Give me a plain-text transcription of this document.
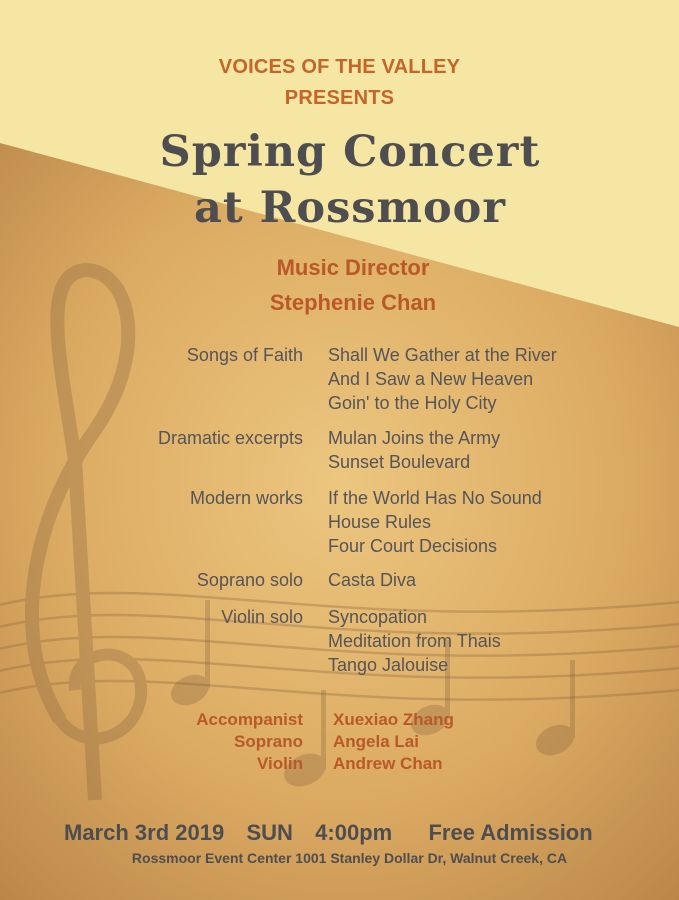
VOICES OF THE VALLEY
PRESENTS
Spring Concert
at Rossmoor
Music Director
Stephenie Chan
Songs of Faith Shall We Gather at the River
And I Saw a New Heaven
Goin' to the Holy City
Dramatic excerpts Mulan Joins the Army
Sunset Boulevard
Modern works If the World Has No Sound
House Rules
Four Court Decisions
Soprano solo Casta Diva
Violin solo Syncopation
Meditation from Thais
Tango Jalouise
Accompanist Xuexiao Zhang
Soprano Angela Lai
Violin Andrew Chan
March 3rd 2019 SUN 4:00pm Free Admission
Rossmoor Event Center 1001 Stanley Dollar Dr, Walnut Creek, CA
